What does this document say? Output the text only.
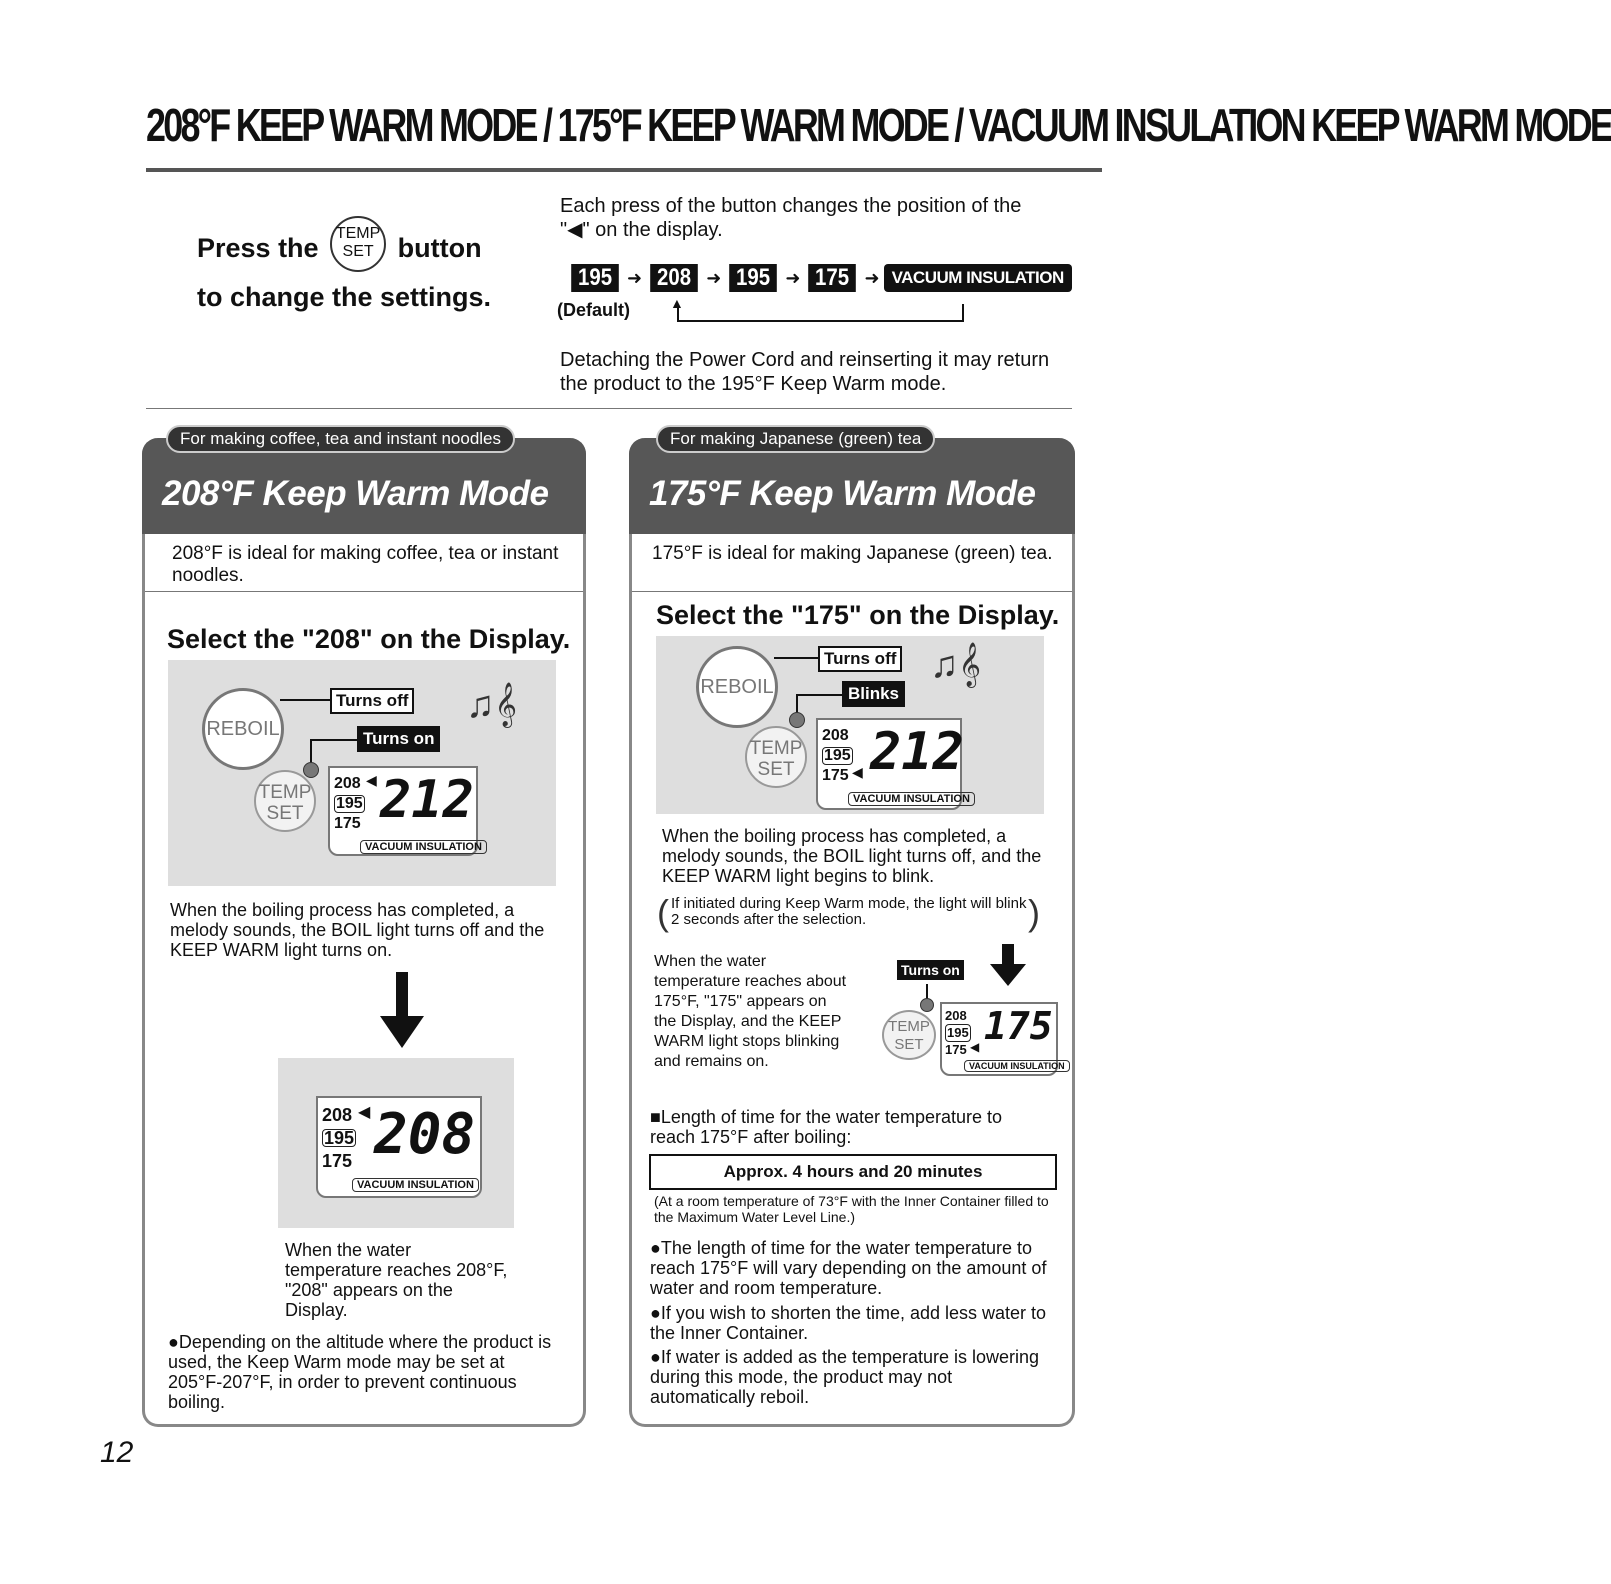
208°F KEEP WARM MODE / 175°F KEEP WARM MODE / VACUUM INSULATION KEEP WARM MODE
Press the TEMP
SET button
to change the settings.
Each press of the button changes the position of the "◀" on the display.
195 ➜ 208 ➜ 195 ➜ 175 ➜ VACUUM INSULATION
(Default)	▲
Detaching the Power Cord and reinserting it may return the product to the 195°F Keep Warm mode.
208°F Keep Warm Mode
For making coffee, tea and instant noodles
208°F is ideal for making coffee, tea or instant noodles.
Select the "208" on the Display.
REBOIL
Turns off
Turns on
♫𝄞
TEMP
SET
208
195
175
◀ 212
VACUUM INSULATION
When the boiling process has completed, a melody sounds, the BOIL light turns off and the KEEP WARM light turns on.
208
195
175
◀ 208
VACUUM INSULATION
When the water temperature reaches 208°F, "208" appears on the Display.
●Depending on the altitude where the product is used, the Keep Warm mode may be set at 205°F-207°F, in order to prevent continuous boiling.
175°F Keep Warm Mode
For making Japanese (green) tea
175°F is ideal for making Japanese (green) tea.
Select the "175" on the Display.
REBOIL
Turns off
Blinks
♫𝄞
TEMP
SET
208
195
175 ◀ 212
VACUUM INSULATION
When the boiling process has completed, a melody sounds, the BOIL light turns off, and the KEEP WARM light begins to blink.
( If initiated during Keep Warm mode, the light will blink 2 seconds after the selection.	)
When the water temperature reaches about 175°F, "175" appears on the Display, and the KEEP WARM light stops blinking and remains on.
Turns on
TEMP
SET
208
195
175 ◀ 175
VACUUM INSULATION
■Length of time for the water temperature to reach 175°F after boiling:
Approx. 4 hours and 20 minutes
(At a room temperature of 73°F with the Inner Container filled to the Maximum Water Level Line.)
●The length of time for the water temperature to reach 175°F will vary depending on the amount of water and room temperature.
●If you wish to shorten the time, add less water to the Inner Container.
●If water is added as the temperature is lowering during this mode, the product may not automatically reboil.
12
